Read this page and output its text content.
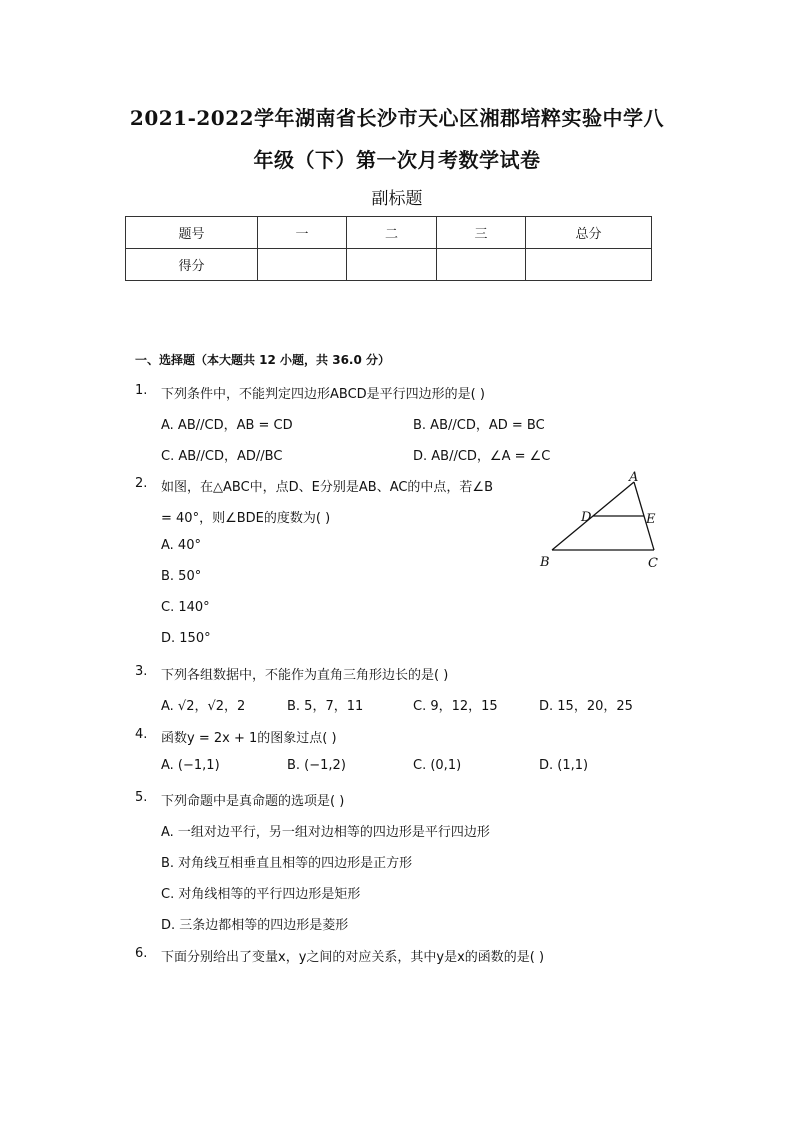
2021-2022学年湖南省长沙市天心区湘郡培粹实验中学八
年级（下）第一次月考数学试卷
副标题
题号	一	二	三	总分
得分				
一、选择题（本大题共 12 小题，共 36.0 分）
1. 下列条件中，不能判定四边形ABCD是平行四边形的是( )
A. AB//CD，AB = CD	B. AB//CD，AD = BC
C. AB//CD，AD//BC	D. AB//CD，∠A = ∠C
2. 如图，在△ABC中，点D、E分别是AB、AC的中点，若∠B
= 40°，则∠BDE的度数为( )
A. 40°
B. 50°
C. 140°
D. 150°
A
D	E
B	C
3. 下列各组数据中，不能作为直角三角形边长的是( )
A. √2，√2，2	B. 5，7，11	C. 9，12，15	D. 15，20，25
4. 函数y = 2x + 1的图象过点( )
A. (−1,1)	B. (−1,2)	C. (0,1)	D. (1,1)
5. 下列命题中是真命题的选项是( )
A. 一组对边平行，另一组对边相等的四边形是平行四边形
B. 对角线互相垂直且相等的四边形是正方形
C. 对角线相等的平行四边形是矩形
D. 三条边都相等的四边形是菱形
6. 下面分别给出了变量x，y之间的对应关系，其中y是x的函数的是( )
